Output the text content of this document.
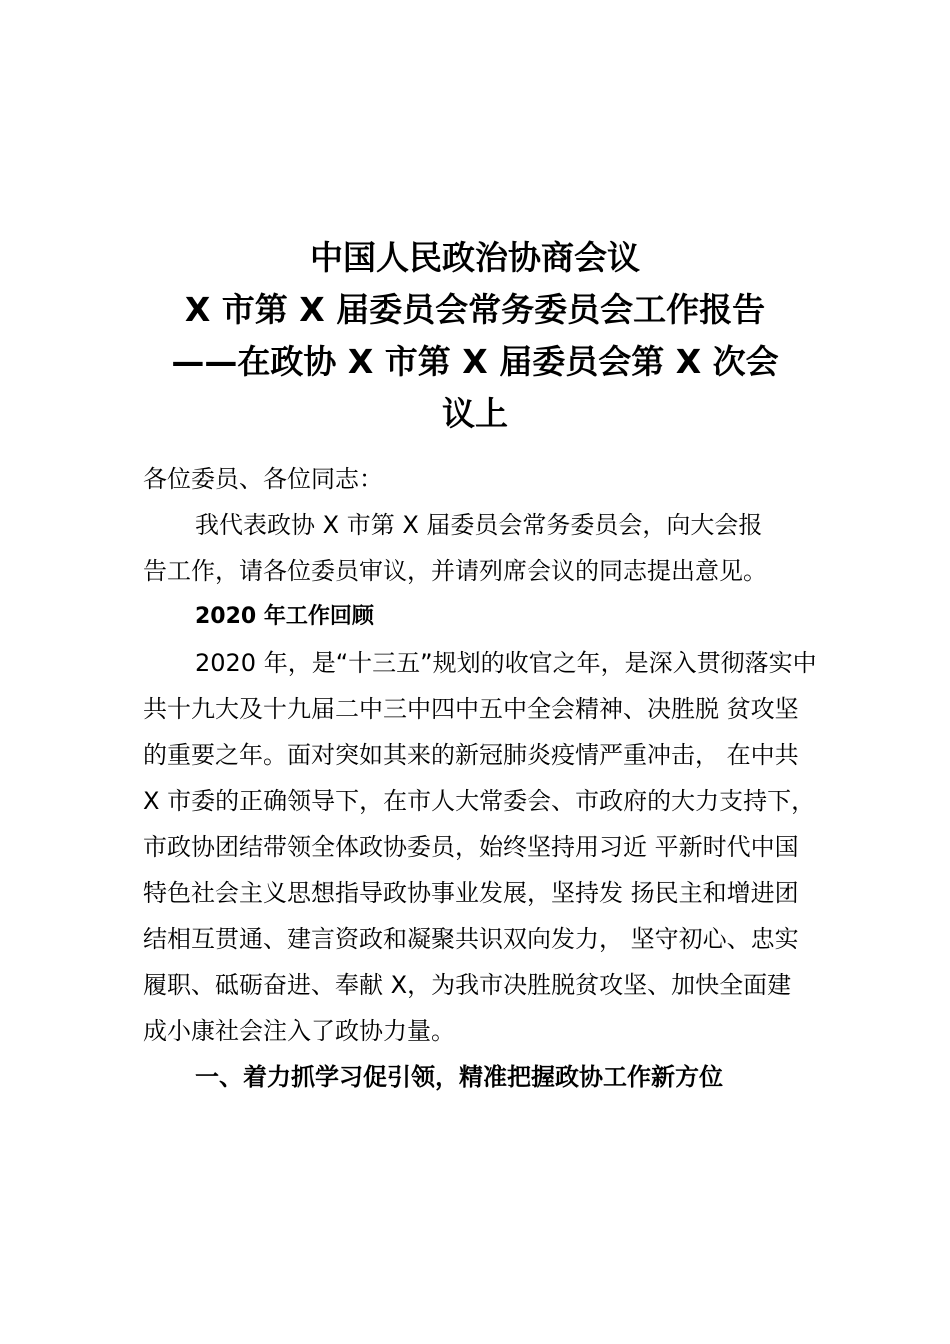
中国人民政治协商会议
X 市第 X 届委员会常务委员会工作报告
——在政协 X 市第 X 届委员会第 X 次会
议上
各位委员、各位同志：
我代表政协 X 市第 X 届委员会常务委员会，向大会报
告工作，请各位委员审议，并请列席会议的同志提出意见。
2020 年工作回顾
2020 年，是“十三五”规划的收官之年，是深入贯彻落实中
共十九大及十九届二中三中四中五中全会精神、决胜脱 贫攻坚
的重要之年。面对突如其来的新冠肺炎疫情严重冲击， 在中共
X 市委的正确领导下，在市人大常委会、市政府的大力支持下，
市政协团结带领全体政协委员，始终坚持用习近 平新时代中国
特色社会主义思想指导政协事业发展，坚持发 扬民主和增进团
结相互贯通、建言资政和凝聚共识双向发力， 坚守初心、忠实
履职、砥砺奋进、奉献 X，为我市决胜脱贫攻坚、加快全面建
成小康社会注入了政协力量。
一、着力抓学习促引领，精准把握政协工作新方位
